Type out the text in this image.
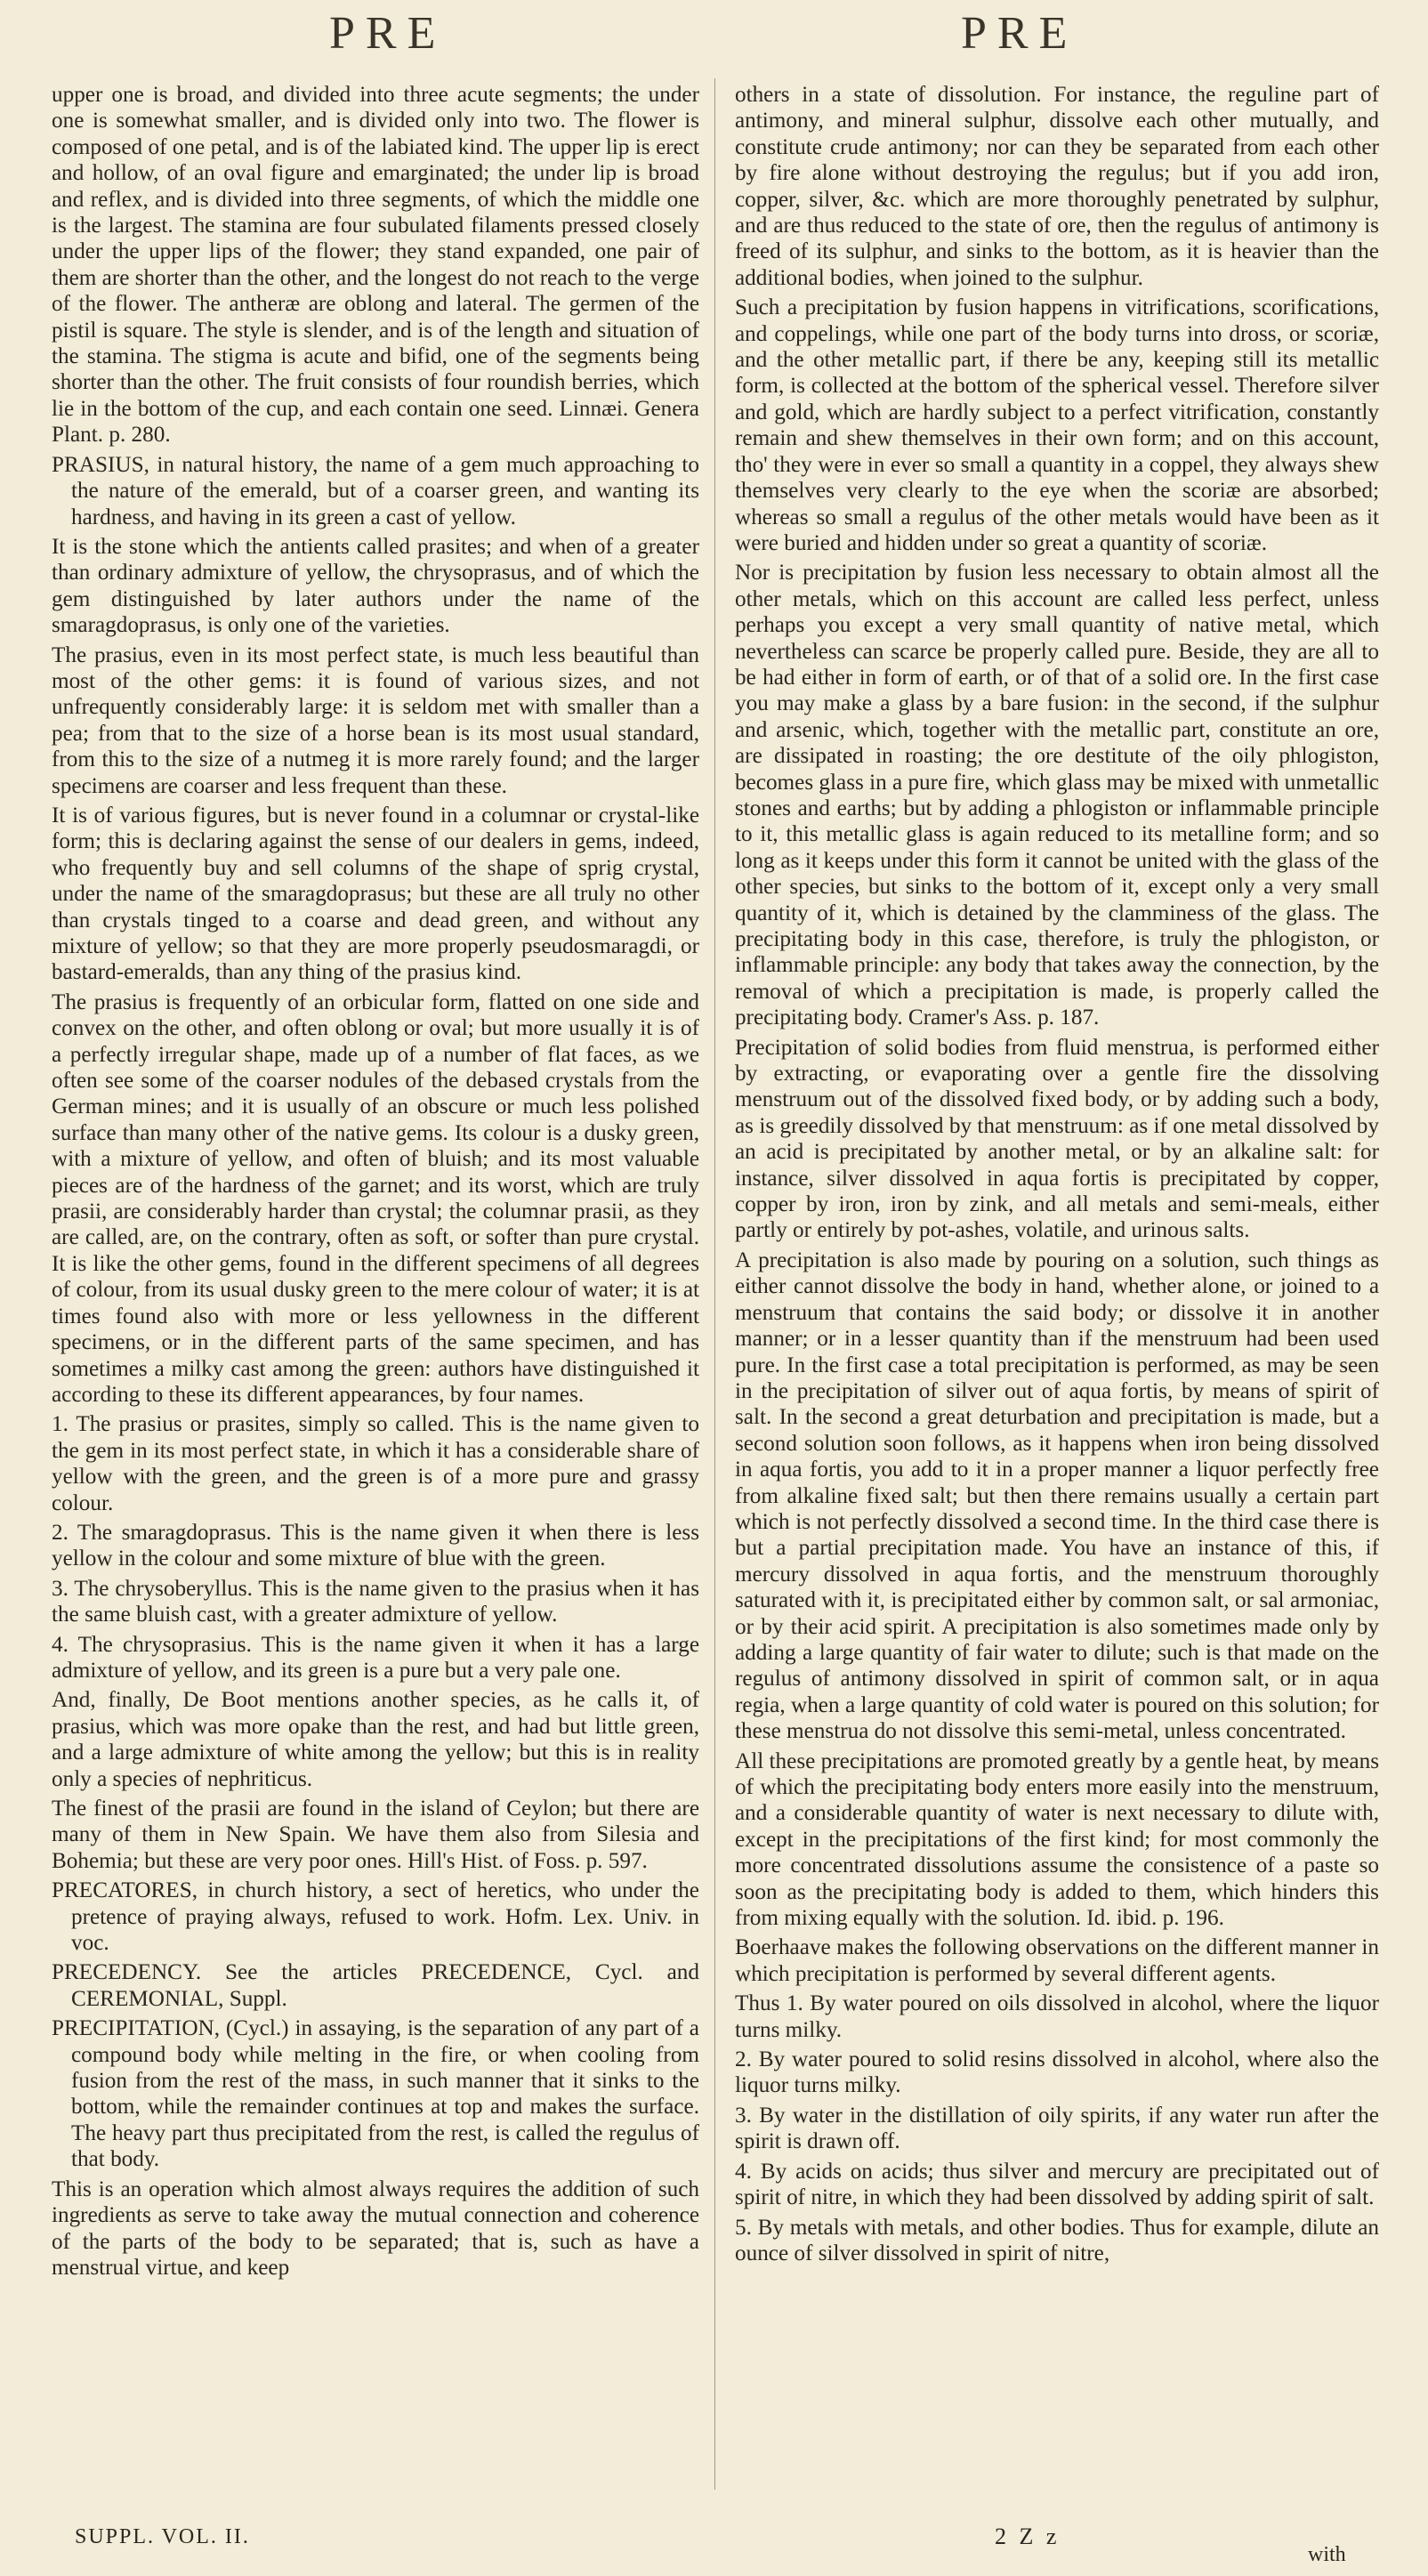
PRE	PRE

upper one is broad, and divided into three acute segments; the under one is somewhat smaller, and is divided only into two. The flower is composed of one petal, and is of the labiated kind. The upper lip is erect and hollow, of an oval figure and emarginated; the under lip is broad and reflex, and is divided into three segments, of which the middle one is the largest. The stamina are four subulated filaments pressed closely under the upper lips of the flower; they stand expanded, one pair of them are shorter than the other, and the longest do not reach to the verge of the flower. The antheræ are oblong and lateral. The germen of the pistil is square. The style is slender, and is of the length and situation of the stamina. The stigma is acute and bifid, one of the segments being shorter than the other. The fruit consists of four roundish berries, which lie in the bottom of the cup, and each contain one seed. Linnæi. Genera Plant. p. 280.

PRASIUS, in natural history, the name of a gem much approaching to the nature of the emerald, but of a coarser green, and wanting its hardness, and having in its green a cast of yellow.

It is the stone which the antients called prasites; and when of a greater than ordinary admixture of yellow, the chrysoprasus, and of which the gem distinguished by later authors under the name of the smaragdoprasus, is only one of the varieties.

The prasius, even in its most perfect state, is much less beautiful than most of the other gems: it is found of various sizes, and not unfrequently considerably large: it is seldom met with smaller than a pea; from that to the size of a horse bean is its most usual standard, from this to the size of a nutmeg it is more rarely found; and the larger specimens are coarser and less frequent than these.

It is of various figures, but is never found in a columnar or crystal-like form; this is declaring against the sense of our dealers in gems, indeed, who frequently buy and sell columns of the shape of sprig crystal, under the name of the smaragdoprasus; but these are all truly no other than crystals tinged to a coarse and dead green, and without any mixture of yellow; so that they are more properly pseudosmaragdi, or bastard-emeralds, than any thing of the prasius kind.

The prasius is frequently of an orbicular form, flatted on one side and convex on the other, and often oblong or oval; but more usually it is of a perfectly irregular shape, made up of a number of flat faces, as we often see some of the coarser nodules of the debased crystals from the German mines; and it is usually of an obscure or much less polished surface than many other of the native gems. Its colour is a dusky green, with a mixture of yellow, and often of bluish; and its most valuable pieces are of the hardness of the garnet; and its worst, which are truly prasii, are considerably harder than crystal; the columnar prasii, as they are called, are, on the contrary, often as soft, or softer than pure crystal. It is like the other gems, found in the different specimens of all degrees of colour, from its usual dusky green to the mere colour of water; it is at times found also with more or less yellowness in the different specimens, or in the different parts of the same specimen, and has sometimes a milky cast among the green: authors have distinguished it according to these its different appearances, by four names.

1. The prasius or prasites, simply so called. This is the name given to the gem in its most perfect state, in which it has a considerable share of yellow with the green, and the green is of a more pure and grassy colour.

2. The smaragdoprasus. This is the name given it when there is less yellow in the colour and some mixture of blue with the green.

3. The chrysoberyllus. This is the name given to the prasius when it has the same bluish cast, with a greater admixture of yellow.

4. The chrysoprasius. This is the name given it when it has a large admixture of yellow, and its green is a pure but a very pale one.

And, finally, De Boot mentions another species, as he calls it, of prasius, which was more opake than the rest, and had but little green, and a large admixture of white among the yellow; but this is in reality only a species of nephriticus.

The finest of the prasii are found in the island of Ceylon; but there are many of them in New Spain. We have them also from Silesia and Bohemia; but these are very poor ones. Hill's Hist. of Foss. p. 597.

PRECATORES, in church history, a sect of heretics, who under the pretence of praying always, refused to work. Hofm. Lex. Univ. in voc.

PRECEDENCY. See the articles PRECEDENCE, Cycl. and CEREMONIAL, Suppl.

PRECIPITATION, (Cycl.) in assaying, is the separation of any part of a compound body while melting in the fire, or when cooling from fusion from the rest of the mass, in such manner that it sinks to the bottom, while the remainder continues at top and makes the surface. The heavy part thus precipitated from the rest, is called the regulus of that body.

This is an operation which almost always requires the addition of such ingredients as serve to take away the mutual connection and coherence of the parts of the body to be separated; that is, such as have a menstrual virtue, and keep

others in a state of dissolution. For instance, the reguline part of antimony, and mineral sulphur, dissolve each other mutually, and constitute crude antimony; nor can they be separated from each other by fire alone without destroying the regulus; but if you add iron, copper, silver, &c. which are more thoroughly penetrated by sulphur, and are thus reduced to the state of ore, then the regulus of antimony is freed of its sulphur, and sinks to the bottom, as it is heavier than the additional bodies, when joined to the sulphur.

Such a precipitation by fusion happens in vitrifications, scorifications, and coppelings, while one part of the body turns into dross, or scoriæ, and the other metallic part, if there be any, keeping still its metallic form, is collected at the bottom of the spherical vessel. Therefore silver and gold, which are hardly subject to a perfect vitrification, constantly remain and shew themselves in their own form; and on this account, tho' they were in ever so small a quantity in a coppel, they always shew themselves very clearly to the eye when the scoriæ are absorbed; whereas so small a regulus of the other metals would have been as it were buried and hidden under so great a quantity of scoriæ.

Nor is precipitation by fusion less necessary to obtain almost all the other metals, which on this account are called less perfect, unless perhaps you except a very small quantity of native metal, which nevertheless can scarce be properly called pure. Beside, they are all to be had either in form of earth, or of that of a solid ore. In the first case you may make a glass by a bare fusion: in the second, if the sulphur and arsenic, which, together with the metallic part, constitute an ore, are dissipated in roasting; the ore destitute of the oily phlogiston, becomes glass in a pure fire, which glass may be mixed with unmetallic stones and earths; but by adding a phlogiston or inflammable principle to it, this metallic glass is again reduced to its metalline form; and so long as it keeps under this form it cannot be united with the glass of the other species, but sinks to the bottom of it, except only a very small quantity of it, which is detained by the clamminess of the glass. The precipitating body in this case, therefore, is truly the phlogiston, or inflammable principle: any body that takes away the connection, by the removal of which a precipitation is made, is properly called the precipitating body. Cramer's Ass. p. 187.

Precipitation of solid bodies from fluid menstrua, is performed either by extracting, or evaporating over a gentle fire the dissolving menstruum out of the dissolved fixed body, or by adding such a body, as is greedily dissolved by that menstruum: as if one metal dissolved by an acid is precipitated by another metal, or by an alkaline salt: for instance, silver dissolved in aqua fortis is precipitated by copper, copper by iron, iron by zink, and all metals and semi-meals, either partly or entirely by pot-ashes, volatile, and urinous salts.

A precipitation is also made by pouring on a solution, such things as either cannot dissolve the body in hand, whether alone, or joined to a menstruum that contains the said body; or dissolve it in another manner; or in a lesser quantity than if the menstruum had been used pure. In the first case a total precipitation is performed, as may be seen in the precipitation of silver out of aqua fortis, by means of spirit of salt. In the second a great deturbation and precipitation is made, but a second solution soon follows, as it happens when iron being dissolved in aqua fortis, you add to it in a proper manner a liquor perfectly free from alkaline fixed salt; but then there remains usually a certain part which is not perfectly dissolved a second time. In the third case there is but a partial precipitation made. You have an instance of this, if mercury dissolved in aqua fortis, and the menstruum thoroughly saturated with it, is precipitated either by common salt, or sal armoniac, or by their acid spirit. A precipitation is also sometimes made only by adding a large quantity of fair water to dilute; such is that made on the regulus of antimony dissolved in spirit of common salt, or in aqua regia, when a large quantity of cold water is poured on this solution; for these menstrua do not dissolve this semi-metal, unless concentrated.

All these precipitations are promoted greatly by a gentle heat, by means of which the precipitating body enters more easily into the menstruum, and a considerable quantity of water is next necessary to dilute with, except in the precipitations of the first kind; for most commonly the more concentrated dissolutions assume the consistence of a paste so soon as the precipitating body is added to them, which hinders this from mixing equally with the solution. Id. ibid. p. 196.

Boerhaave makes the following observations on the different manner in which precipitation is performed by several different agents.

Thus 1. By water poured on oils dissolved in alcohol, where the liquor turns milky.

2. By water poured to solid resins dissolved in alcohol, where also the liquor turns milky.

3. By water in the distillation of oily spirits, if any water run after the spirit is drawn off.

4. By acids on acids; thus silver and mercury are precipitated out of spirit of nitre, in which they had been dissolved by adding spirit of salt.

5. By metals with metals, and other bodies. Thus for example, dilute an ounce of silver dissolved in spirit of nitre,

SUPPL. VOL. II.	2 Z z
with
